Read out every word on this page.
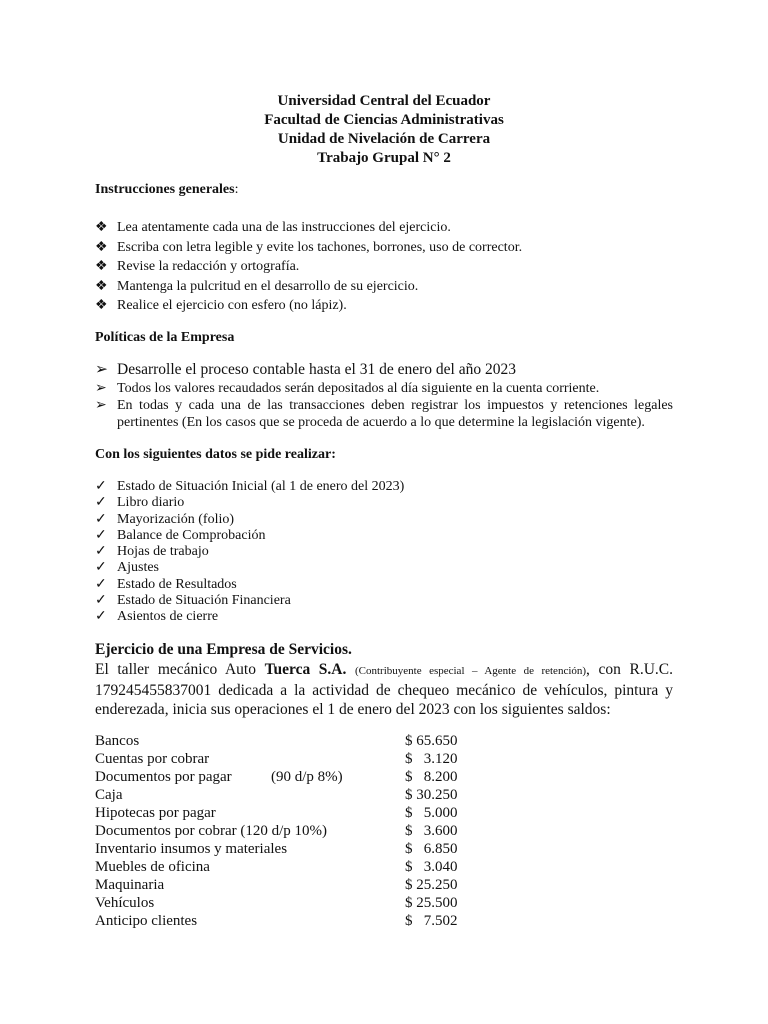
Universidad Central del Ecuador
Facultad de Ciencias Administrativas
Unidad de Nivelación de Carrera
Trabajo Grupal N° 2
Instrucciones generales:
❖ Lea atentamente cada una de las instrucciones del ejercicio.
❖ Escriba con letra legible y evite los tachones, borrones, uso de corrector.
❖ Revise la redacción y ortografía.
❖ Mantenga la pulcritud en el desarrollo de su ejercicio.
❖ Realice el ejercicio con esfero (no lápiz).
Políticas de la Empresa
➢ Desarrolle el proceso contable hasta el 31 de enero del año 2023
➢ Todos los valores recaudados serán depositados al día siguiente en la cuenta corriente.
➢ En todas y cada una de las transacciones deben registrar los impuestos y retenciones legales pertinentes (En los casos que se proceda de acuerdo a lo que determine la legislación vigente).
Con los siguientes datos se pide realizar:
✓ Estado de Situación Inicial (al 1 de enero del 2023)
✓ Libro diario
✓ Mayorización (folio)
✓ Balance de Comprobación
✓ Hojas de trabajo
✓ Ajustes
✓ Estado de Resultados
✓ Estado de Situación Financiera
✓ Asientos de cierre
Ejercicio de una Empresa de Servicios.
El taller mecánico Auto Tuerca S.A. (Contribuyente especial – Agente de retención), con R.U.C. 179245455837001 dedicada a la actividad de chequeo mecánico de vehículos, pintura y enderezada, inicia sus operaciones el 1 de enero del 2023 con los siguientes saldos:
Bancos	$ 65.650
Cuentas por cobrar	$   3.120
Documentos por pagar	(90 d/p 8%)	$   8.200
Caja	$ 30.250
Hipotecas por pagar	$   5.000
Documentos por cobrar (120 d/p 10%)	$   3.600
Inventario insumos y materiales	$   6.850
Muebles de oficina	$   3.040
Maquinaria	$ 25.250
Vehículos	$ 25.500
Anticipo clientes	$   7.502
